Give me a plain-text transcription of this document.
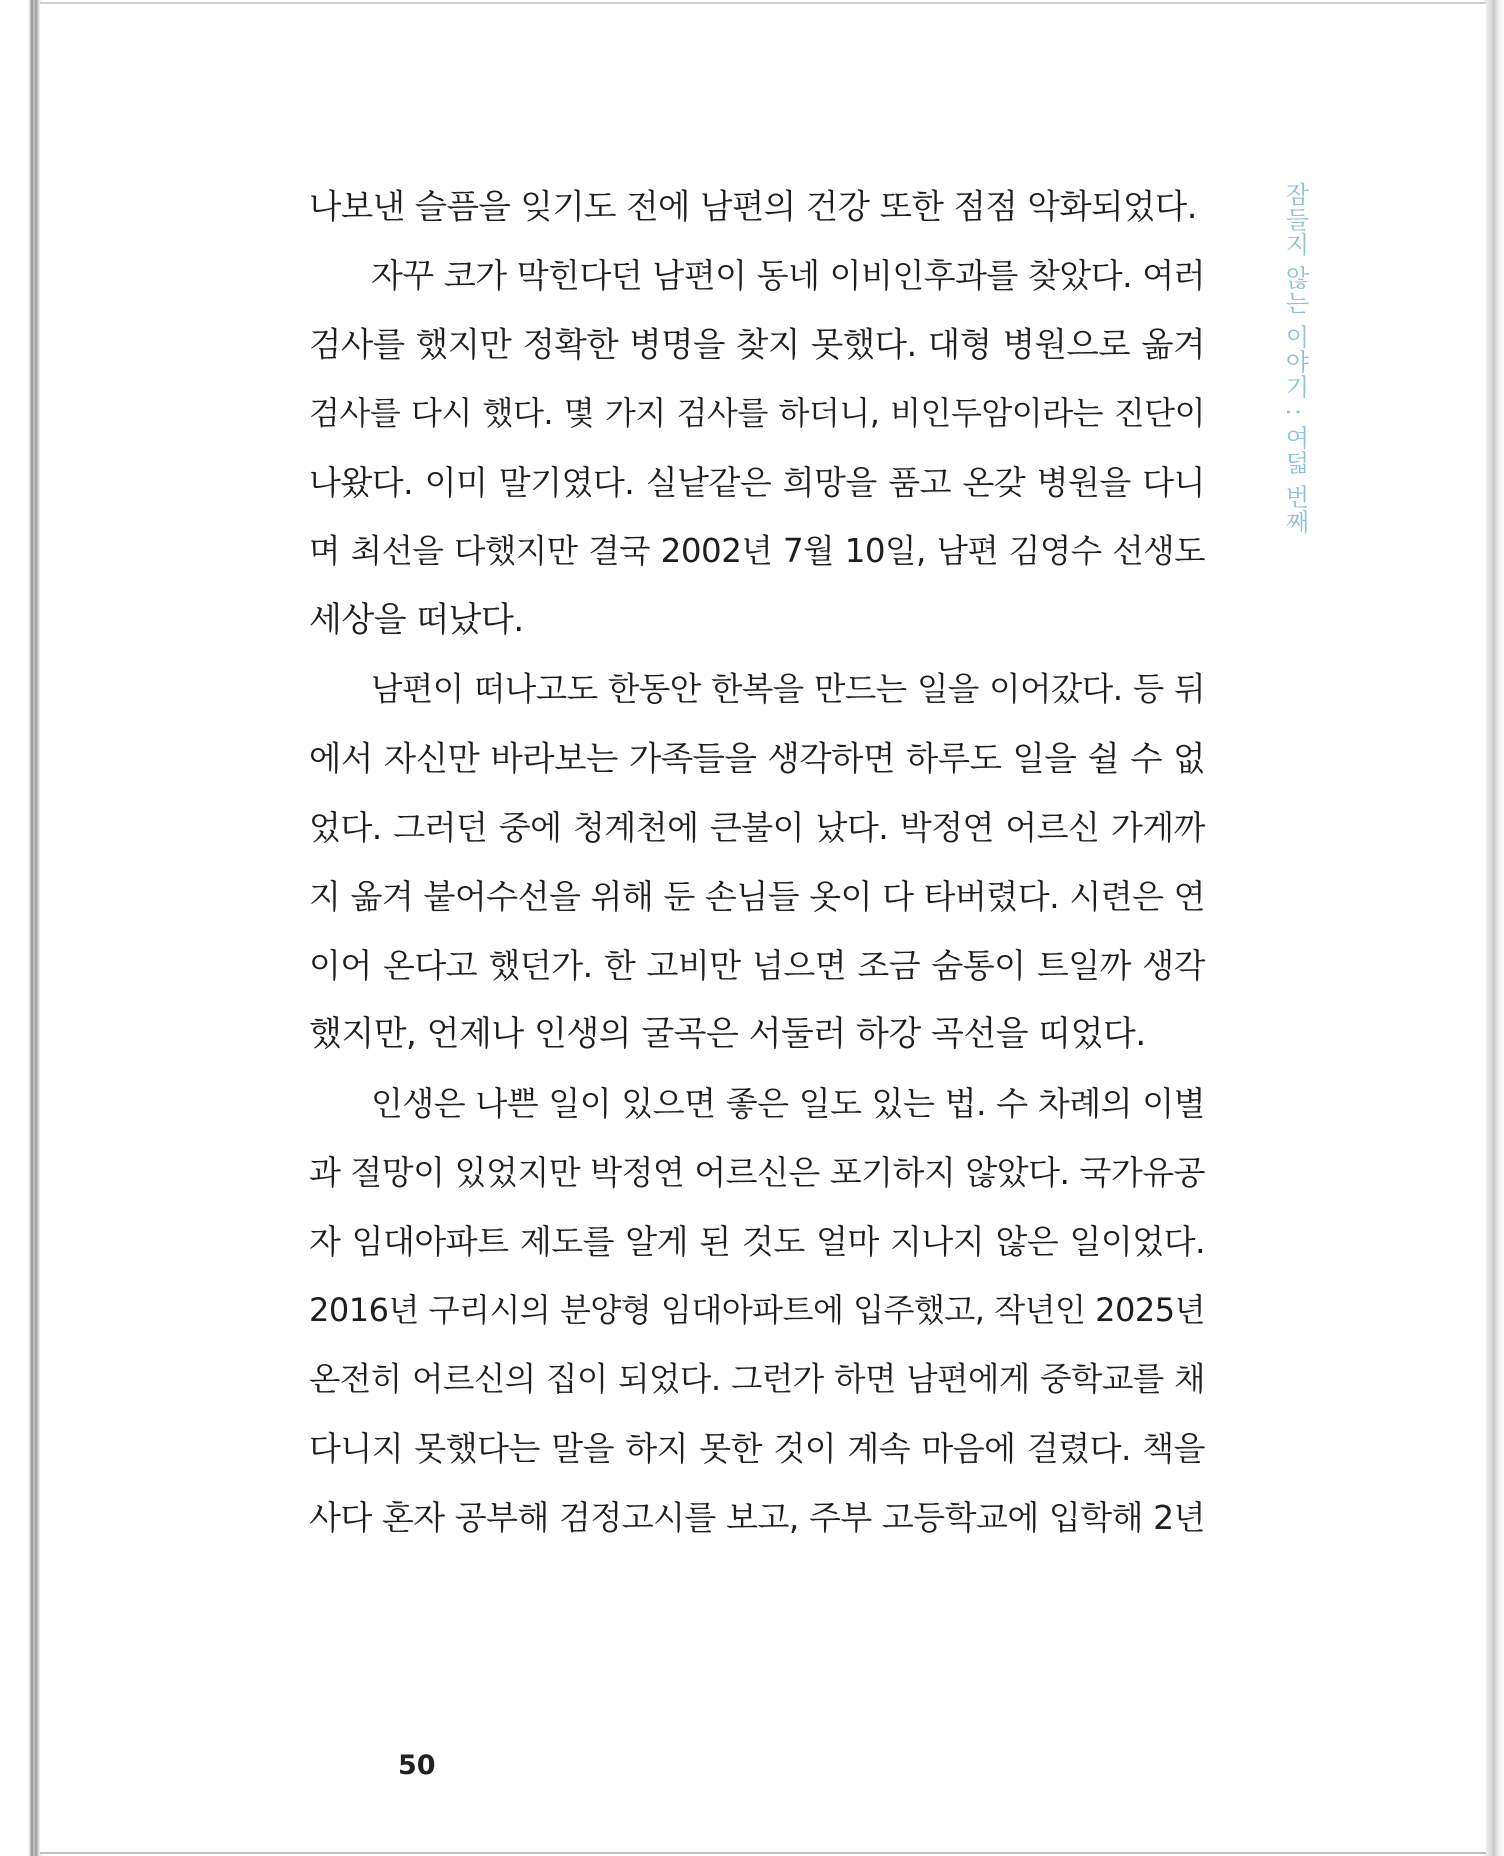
잠들지 않는 이야기 : 여덟 번째
나보낸 슬픔을 잊기도 전에 남편의 건강 또한 점점 악화되었다.
자꾸 코가 막힌다던 남편이 동네 이비인후과를 찾았다. 여러
검사를 했지만 정확한 병명을 찾지 못했다. 대형 병원으로 옮겨
검사를 다시 했다. 몇 가지 검사를 하더니, 비인두암이라는 진단이
나왔다. 이미 말기였다. 실낱같은 희망을 품고 온갖 병원을 다니
며 최선을 다했지만 결국 2002년 7월 10일, 남편 김영수 선생도
세상을 떠났다.
남편이 떠나고도 한동안 한복을 만드는 일을 이어갔다. 등 뒤
에서 자신만 바라보는 가족들을 생각하면 하루도 일을 쉴 수 없
었다. 그러던 중에 청계천에 큰불이 났다. 박정연 어르신 가게까
지 옮겨 붙어수선을 위해 둔 손님들 옷이 다 타버렸다. 시련은 연
이어 온다고 했던가. 한 고비만 넘으면 조금 숨통이 트일까 생각
했지만, 언제나 인생의 굴곡은 서둘러 하강 곡선을 띠었다.
인생은 나쁜 일이 있으면 좋은 일도 있는 법. 수 차례의 이별
과 절망이 있었지만 박정연 어르신은 포기하지 않았다. 국가유공
자 임대아파트 제도를 알게 된 것도 얼마 지나지 않은 일이었다.
2016년 구리시의 분양형 임대아파트에 입주했고, 작년인 2025년
온전히 어르신의 집이 되었다. 그런가 하면 남편에게 중학교를 채
다니지 못했다는 말을 하지 못한 것이 계속 마음에 걸렸다. 책을
사다 혼자 공부해 검정고시를 보고, 주부 고등학교에 입학해 2년
50
